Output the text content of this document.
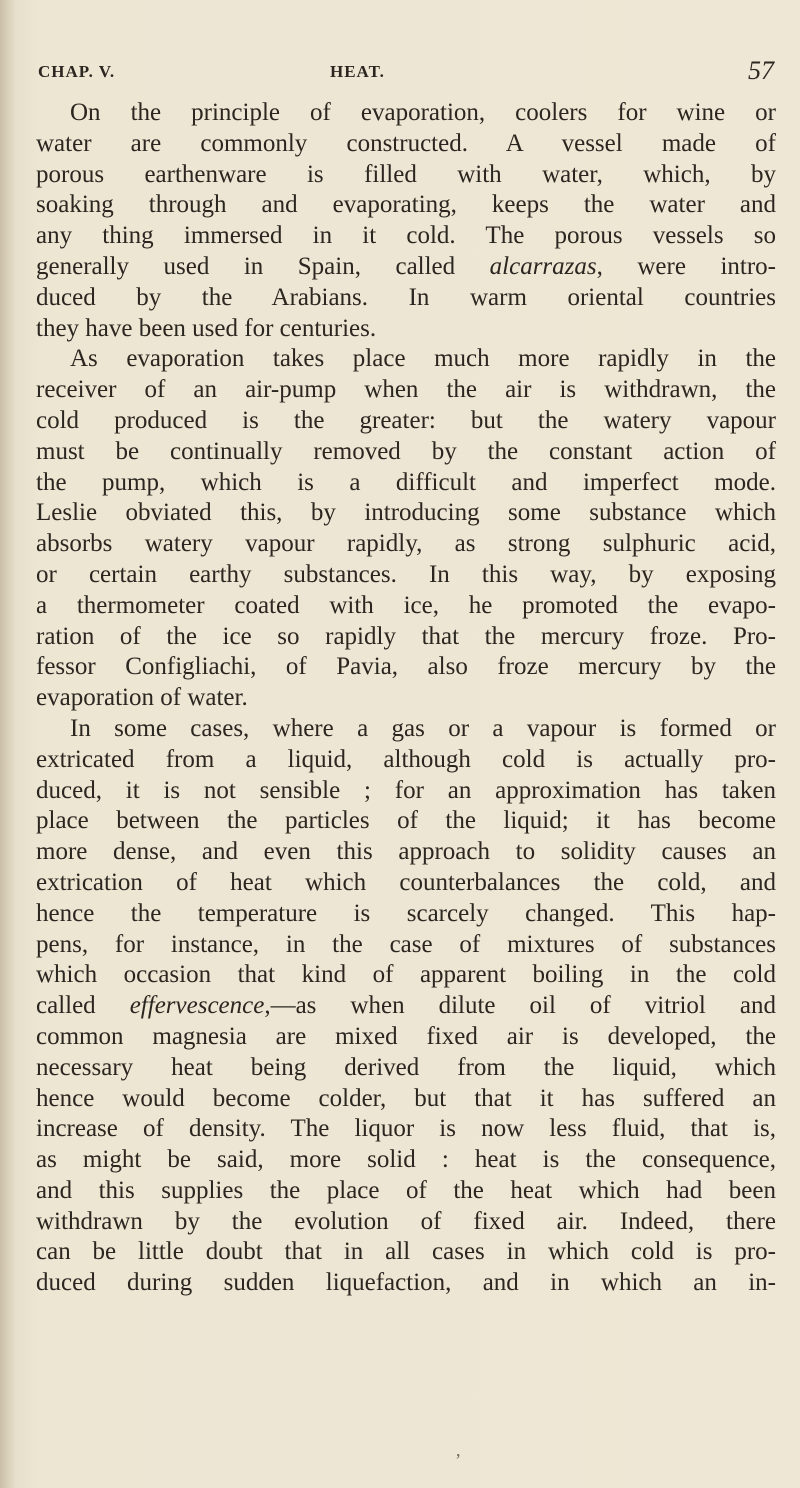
CHAP. V.	HEAT.	57
On the principle of evaporation, coolers for wine or
water are commonly constructed. A vessel made of
porous earthenware is filled with water, which, by
soaking through and evaporating, keeps the water and
any thing immersed in it cold. The porous vessels so
generally used in Spain, called alcarrazas, were intro-
duced by the Arabians. In warm oriental countries
they have been used for centuries.
As evaporation takes place much more rapidly in the
receiver of an air-pump when the air is withdrawn, the
cold produced is the greater: but the watery vapour
must be continually removed by the constant action of
the pump, which is a difficult and imperfect mode.
Leslie obviated this, by introducing some substance which
absorbs watery vapour rapidly, as strong sulphuric acid,
or certain earthy substances. In this way, by exposing
a thermometer coated with ice, he promoted the evapo-
ration of the ice so rapidly that the mercury froze. Pro-
fessor Configliachi, of Pavia, also froze mercury by the
evaporation of water.
In some cases, where a gas or a vapour is formed or
extricated from a liquid, although cold is actually pro-
duced, it is not sensible ; for an approximation has taken
place between the particles of the liquid; it has become
more dense, and even this approach to solidity causes an
extrication of heat which counterbalances the cold, and
hence the temperature is scarcely changed. This hap-
pens, for instance, in the case of mixtures of substances
which occasion that kind of apparent boiling in the cold
called effervescence,—as when dilute oil of vitriol and
common magnesia are mixed fixed air is developed, the
necessary heat being derived from the liquid, which
hence would become colder, but that it has suffered an
increase of density. The liquor is now less fluid, that is,
as might be said, more solid : heat is the consequence,
and this supplies the place of the heat which had been
withdrawn by the evolution of fixed air. Indeed, there
can be little doubt that in all cases in which cold is pro-
duced during sudden liquefaction, and in which an in-
,
